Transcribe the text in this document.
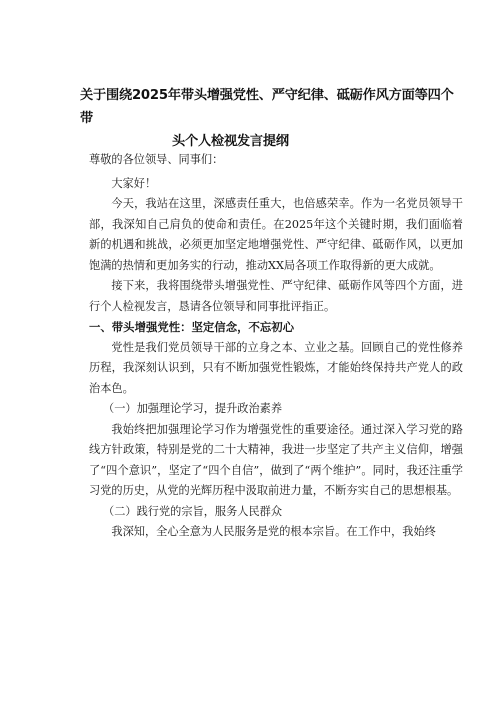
关于围绕2025年带头增强党性、严守纪律、砥砺作风方面等四个带
头个人检视发言提纲

尊敬的各位领导、同事们：

大家好！

今天，我站在这里，深感责任重大，也倍感荣幸。作为一名党员领导干部，我深知自己肩负的使命和责任。在2025年这个关键时期，我们面临着新的机遇和挑战，必须更加坚定地增强党性、严守纪律、砥砺作风，以更加饱满的热情和更加务实的行动，推动XX局各项工作取得新的更大成就。

接下来，我将围绕带头增强党性、严守纪律、砥砺作风等四个方面，进行个人检视发言，恳请各位领导和同事批评指正。

一、带头增强党性：坚定信念，不忘初心

党性是我们党员领导干部的立身之本、立业之基。回顾自己的党性修养历程，我深刻认识到，只有不断加强党性锻炼，才能始终保持共产党人的政治本色。

（一）加强理论学习，提升政治素养

我始终把加强理论学习作为增强党性的重要途径。通过深入学习党的路线方针政策，特别是党的二十大精神，我进一步坚定了共产主义信仰，增强了“四个意识”，坚定了“四个自信”，做到了“两个维护”。同时，我还注重学习党的历史，从党的光辉历程中汲取前进力量，不断夯实自己的思想根基。

（二）践行党的宗旨，服务人民群众

我深知，全心全意为人民服务是党的根本宗旨。在工作中，我始终
